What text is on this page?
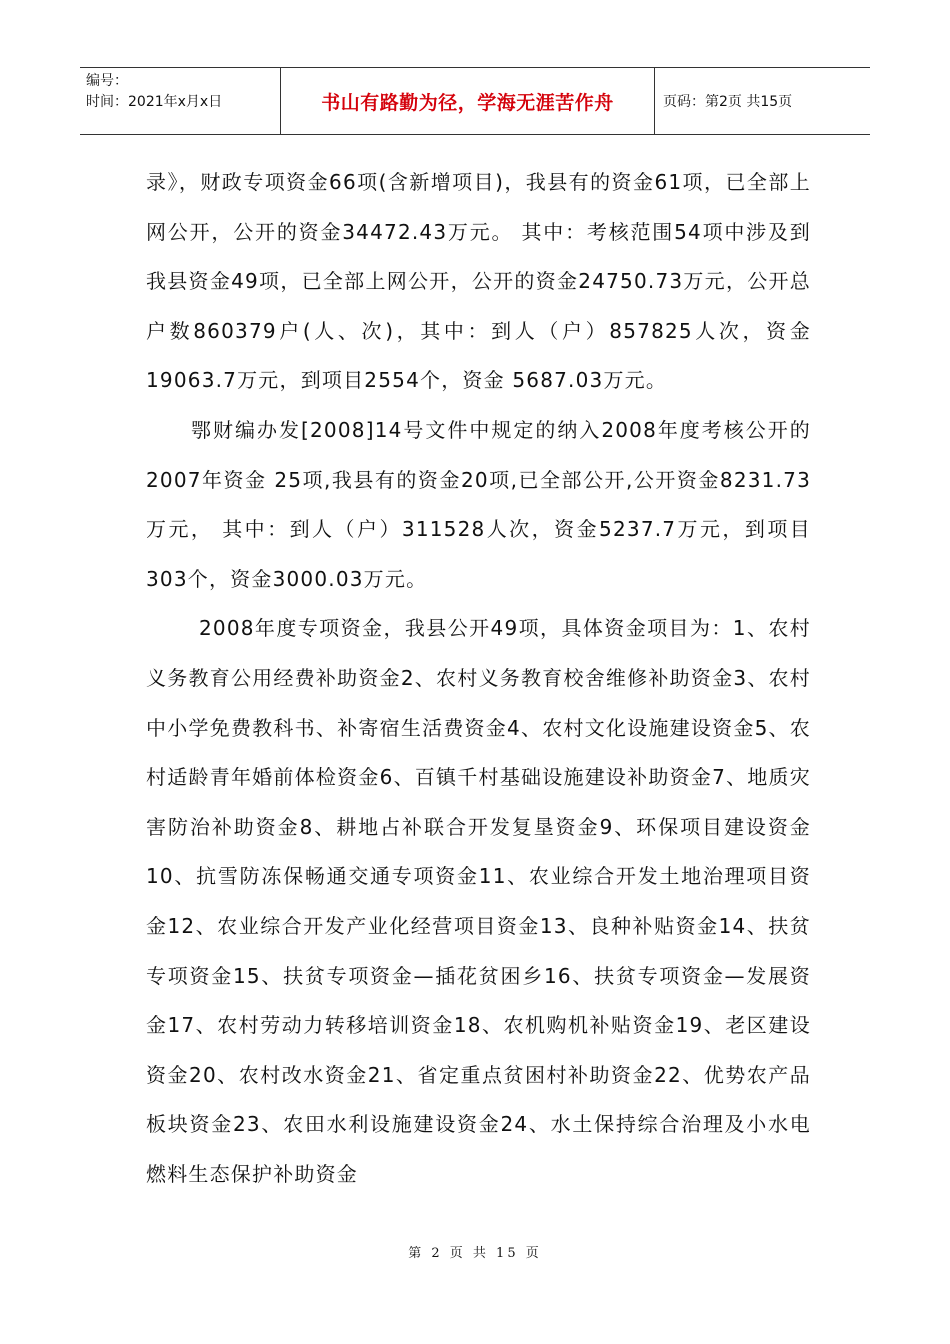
编号：
时间：2021年x月x日	书山有路勤为径，学海无涯苦作舟	页码：第2页 共15页

录》，财政专项资金66项(含新增项目)，我县有的资金61项，已全部上网公开，公开的资金34472.43万元。 其中：考核范围54项中涉及到我县资金49项，已全部上网公开，公开的资金24750.73万元，公开总户数860379户(人、次)，其中：到人（户）857825人次，资金19063.7万元，到项目2554个，资金 5687.03万元。

鄂财编办发[2008]14号文件中规定的纳入2008年度考核公开的2007年资金 25项,我县有的资金20项,已全部公开,公开资金8231.73万元， 其中：到人（户）311528人次，资金5237.7万元，到项目303个，资金3000.03万元。

2008年度专项资金，我县公开49项，具体资金项目为：1、农村义务教育公用经费补助资金2、农村义务教育校舍维修补助资金3、农村中小学免费教科书、补寄宿生活费资金4、农村文化设施建设资金5、农村适龄青年婚前体检资金6、百镇千村基础设施建设补助资金7、地质灾害防治补助资金8、耕地占补联合开发复垦资金9、环保项目建设资金10、抗雪防冻保畅通交通专项资金11、农业综合开发土地治理项目资金12、农业综合开发产业化经营项目资金13、良种补贴资金14、扶贫专项资金15、扶贫专项资金—插花贫困乡16、扶贫专项资金—发展资金17、农村劳动力转移培训资金18、农机购机补贴资金19、老区建设资金20、农村改水资金21、省定重点贫困村补助资金22、优势农产品板块资金23、农田水利设施建设资金24、水土保持综合治理及小水电燃料生态保护补助资金

第 2 页 共 15 页
